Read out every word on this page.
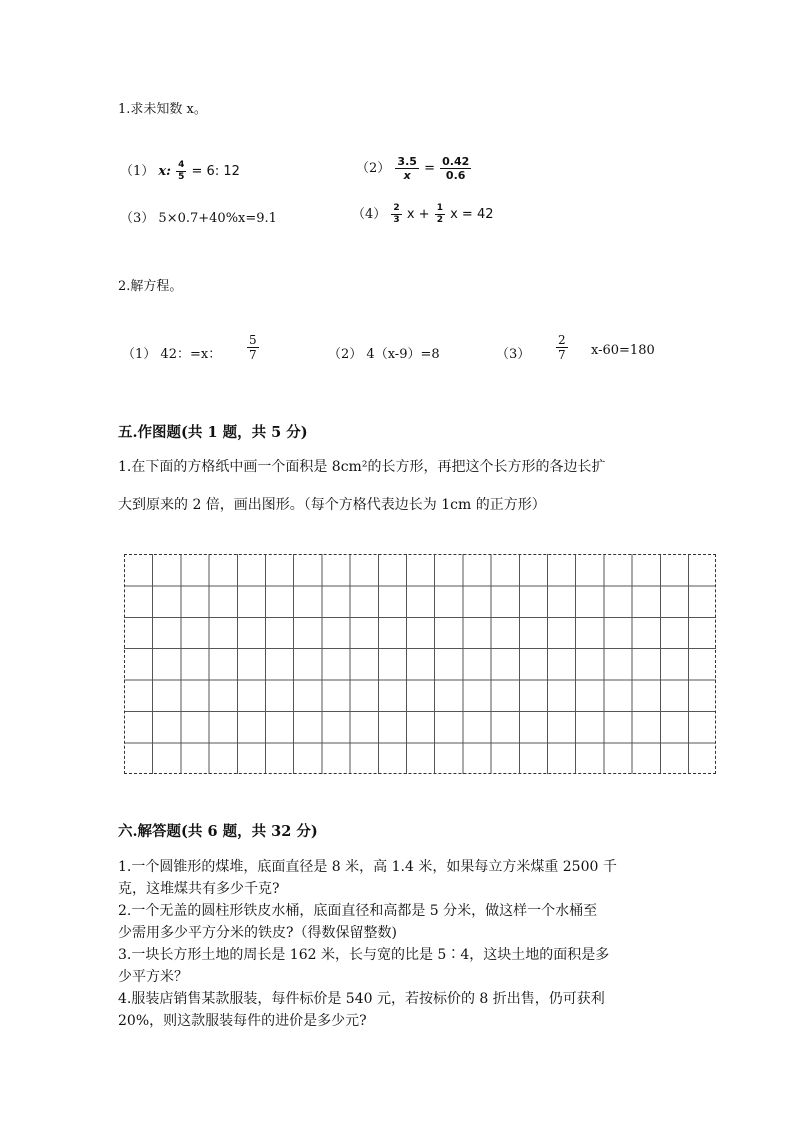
1.求未知数 x。
（1） x: $\frac{4}{5} = 6$: 12	$(2) \frac{3.5}{x} = \frac{0.42}{0.6}$
（3） 5×0.7+40%x=9.1	$(4) \frac{2}{3}$ $x + \frac{1}{2}$ x = 42
2.解方程。
（1） 42：=x： $\frac{5}{7}$	（2） 4（x-9）=8	$(3) \frac{2}{7} x-60=180$
五.作图题(共 1 题，共 5 分)
1.在下面的方格纸中画一个面积是 8cm²的长方形，再把这个长方形的各边长扩
大到原来的 2 倍，画出图形。（每个方格代表边长为 1cm 的正方形）
六.解答题(共 6 题，共 32 分)
1.一个圆锥形的煤堆，底面直径是 8 米，高 1.4 米，如果每立方米煤重 2500 千
克，这堆煤共有多少千克?
2.一个无盖的圆柱形铁皮水桶，底面直径和高都是 5 分米，做这样一个水桶至
少需用多少平方分米的铁皮?（得数保留整数)
3.一块长方形土地的周长是 162 米，长与宽的比是 5∶4，这块土地的面积是多
少平方米？
4.服装店销售某款服装，每件标价是 540 元，若按标价的 8 折出售，仍可获利
20%，则这款服装每件的进价是多少元?
